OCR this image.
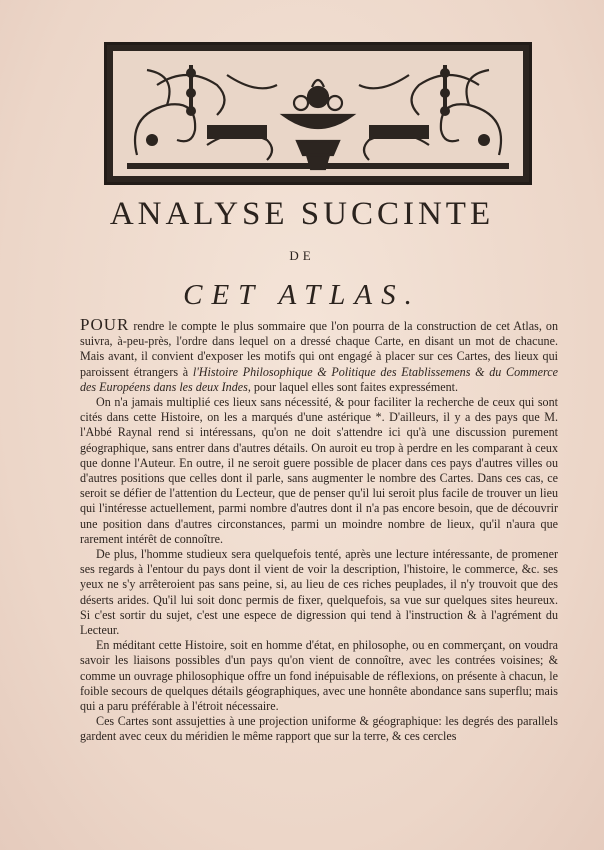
ANALYSE SUCCINTE
DE
CET ATLAS.

POUR rendre le compte le plus sommaire que l'on pourra de la construction de cet Atlas, on suivra, à-peu-près, l'ordre dans lequel on a dressé chaque Carte, en disant un mot de chacune. Mais avant, il convient d'exposer les motifs qui ont engagé à placer sur ces Cartes, des lieux qui paroissent étrangers à l'Histoire Philosophique & Politique des Etablissemens & du Commerce des Européens dans les deux Indes, pour laquel elles sont faites expressément.

On n'a jamais multiplié ces lieux sans nécessité, & pour faciliter la recherche de ceux qui sont cités dans cette Histoire, on les a marqués d'une astérique *. D'ailleurs, il y a des pays que M. l'Abbé Raynal rend si intéressans, qu'on ne doit s'attendre ici qu'à une discussion purement géographique, sans entrer dans d'autres détails. On auroit eu trop à perdre en les comparant à ceux que donne l'Auteur. En outre, il ne seroit guere possible de placer dans ces pays d'autres villes ou d'autres positions que celles dont il parle, sans augmenter le nombre des Cartes. Dans ces cas, ce seroit se défier de l'attention du Lecteur, que de penser qu'il lui seroit plus facile de trouver un lieu qui l'intéresse actuellement, parmi nombre d'autres dont il n'a pas encore besoin, que de découvrir une position dans d'autres circonstances, parmi un moindre nombre de lieux, qu'il n'aura que rarement intérêt de connoître.

De plus, l'homme studieux sera quelquefois tenté, après une lecture intéressante, de promener ses regards à l'entour du pays dont il vient de voir la description, l'histoire, le commerce, &c. ses yeux ne s'y arrêteroient pas sans peine, si, au lieu de ces riches peuplades, il n'y trouvoit que des déserts arides. Qu'il lui soit donc permis de fixer, quelquefois, sa vue sur quelques sites heureux. Si c'est sortir du sujet, c'est une espece de digression qui tend à l'instruction & à l'agrément du Lecteur.

En méditant cette Histoire, soit en homme d'état, en philosophe, ou en commerçant, on voudra savoir les liaisons possibles d'un pays qu'on vient de connoître, avec les contrées voisines; & comme un ouvrage philosophique offre un fond inépuisable de réflexions, on présente à chacun, le foible secours de quelques détails géographiques, avec une honnête abondance sans superflu; mais qui a paru préférable à l'étroit nécessaire.

Ces Cartes sont assujetties à une projection uniforme & géographique: les degrés des parallels gardent avec ceux du méridien le même rapport que sur la terre, & ces cercles
